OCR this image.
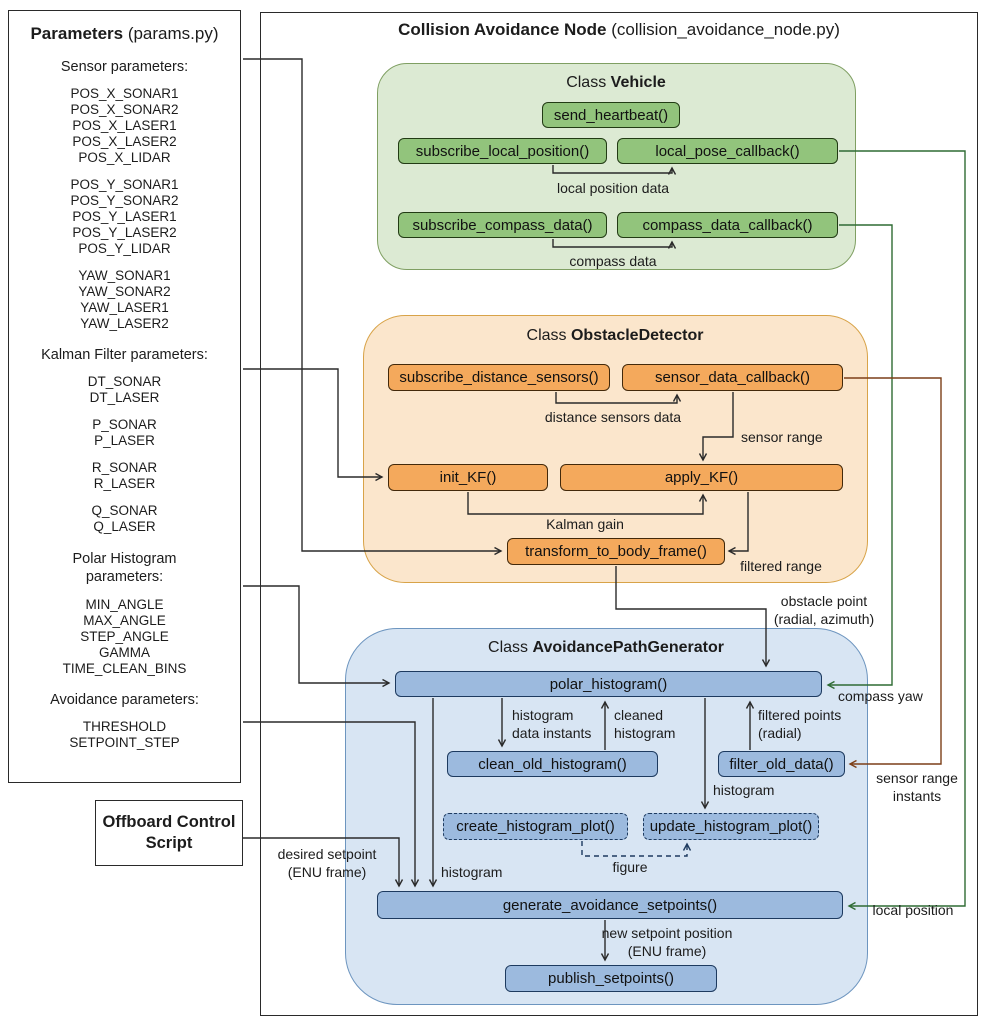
Parameters (params.py)
Sensor parameters:
POS_X_SONAR1
POS_X_SONAR2
POS_X_LASER1
POS_X_LASER2
POS_X_LIDAR
POS_Y_SONAR1
POS_Y_SONAR2
POS_Y_LASER1
POS_Y_LASER2
POS_Y_LIDAR
YAW_SONAR1
YAW_SONAR2
YAW_LASER1
YAW_LASER2
Kalman Filter parameters:
DT_SONAR
DT_LASER
P_SONAR
P_LASER
R_SONAR
R_LASER
Q_SONAR
Q_LASER
Polar Histogram parameters:
MIN_ANGLE
MAX_ANGLE
STEP_ANGLE
GAMMA
TIME_CLEAN_BINS
Avoidance parameters:
THRESHOLD
SETPOINT_STEP
Offboard Control
Script
Collision Avoidance Node (collision_avoidance_node.py)
Class Vehicle
Class ObstacleDetector
Class AvoidancePathGenerator
send_heartbeat()
subscribe_local_position()	local_pose_callback()
subscribe_compass_data()	compass_data_callback()
subscribe_distance_sensors()	sensor_data_callback()
init_KF()	apply_KF()
transform_to_body_frame()
polar_histogram()
clean_old_histogram()	filter_old_data()
create_histogram_plot()	update_histogram_plot()
generate_avoidance_setpoints()
publish_setpoints()
local position data
compass data
distance sensors data
sensor range
Kalman gain
filtered range
obstacle point
(radial, azimuth)
compass yaw
histogram
data instants
cleaned
histogram
filtered points
(radial)
histogram
figure
histogram
desired setpoint
(ENU frame)
sensor range
instants
local position
new setpoint position
(ENU frame)
